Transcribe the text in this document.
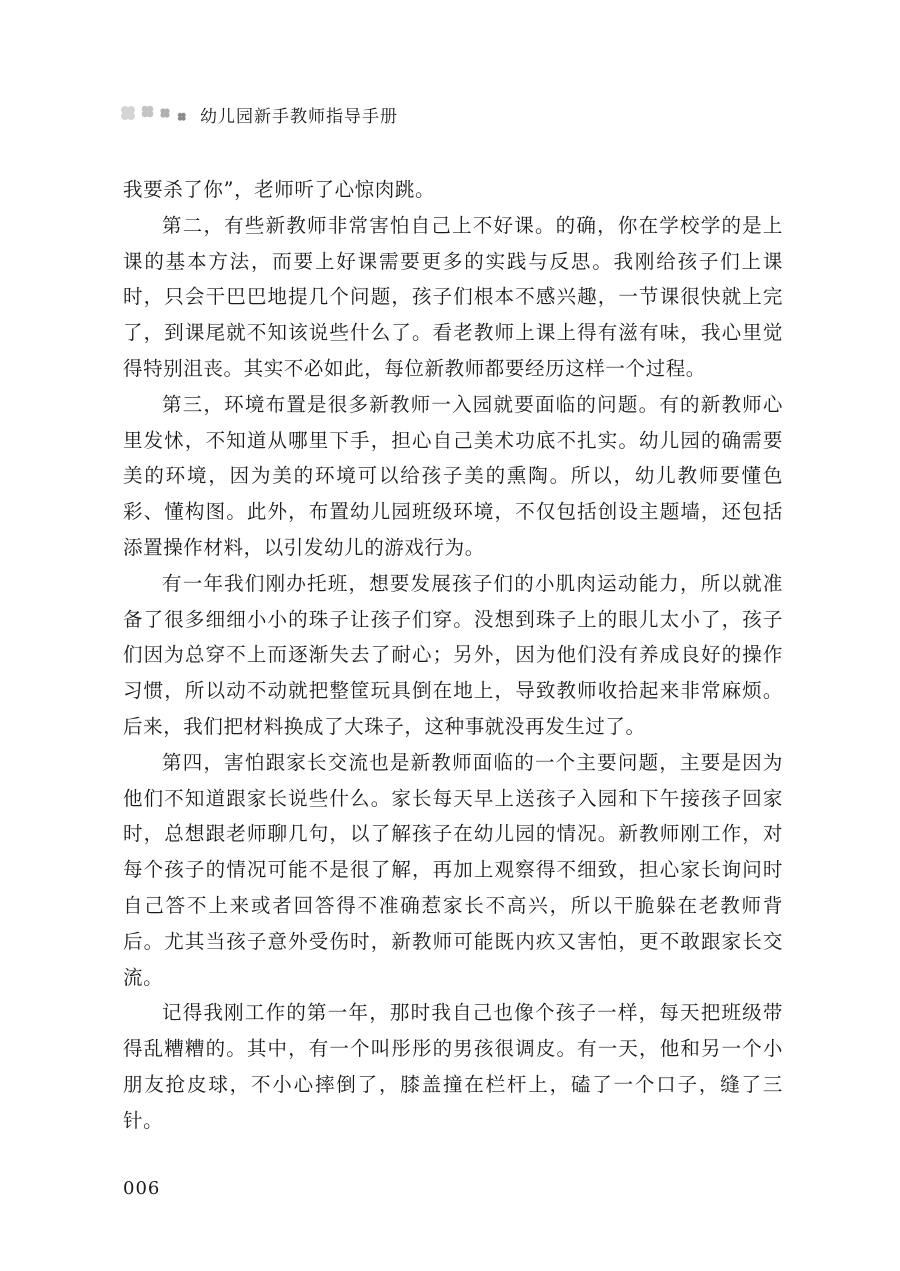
幼儿园新手教师指导手册

我要杀了你”，老师听了心惊肉跳。

第二，有些新教师非常害怕自己上不好课。的确，你在学校学的是上课的基本方法，而要上好课需要更多的实践与反思。我刚给孩子们上课时，只会干巴巴地提几个问题，孩子们根本不感兴趣，一节课很快就上完了，到课尾就不知该说些什么了。看老教师上课上得有滋有味，我心里觉得特别沮丧。其实不必如此，每位新教师都要经历这样一个过程。

第三，环境布置是很多新教师一入园就要面临的问题。有的新教师心里发怵，不知道从哪里下手，担心自己美术功底不扎实。幼儿园的确需要美的环境，因为美的环境可以给孩子美的熏陶。所以，幼儿教师要懂色彩、懂构图。此外，布置幼儿园班级环境，不仅包括创设主题墙，还包括添置操作材料，以引发幼儿的游戏行为。

有一年我们刚办托班，想要发展孩子们的小肌肉运动能力，所以就准备了很多细细小小的珠子让孩子们穿。没想到珠子上的眼儿太小了，孩子们因为总穿不上而逐渐失去了耐心；另外，因为他们没有养成良好的操作习惯，所以动不动就把整筐玩具倒在地上，导致教师收拾起来非常麻烦。后来，我们把材料换成了大珠子，这种事就没再发生过了。

第四，害怕跟家长交流也是新教师面临的一个主要问题，主要是因为他们不知道跟家长说些什么。家长每天早上送孩子入园和下午接孩子回家时，总想跟老师聊几句，以了解孩子在幼儿园的情况。新教师刚工作，对每个孩子的情况可能不是很了解，再加上观察得不细致，担心家长询问时自己答不上来或者回答得不准确惹家长不高兴，所以干脆躲在老教师背后。尤其当孩子意外受伤时，新教师可能既内疚又害怕，更不敢跟家长交流。

记得我刚工作的第一年，那时我自己也像个孩子一样，每天把班级带得乱糟糟的。其中，有一个叫彤彤的男孩很调皮。有一天，他和另一个小朋友抢皮球，不小心摔倒了，膝盖撞在栏杆上，磕了一个口子，缝了三针。

006
